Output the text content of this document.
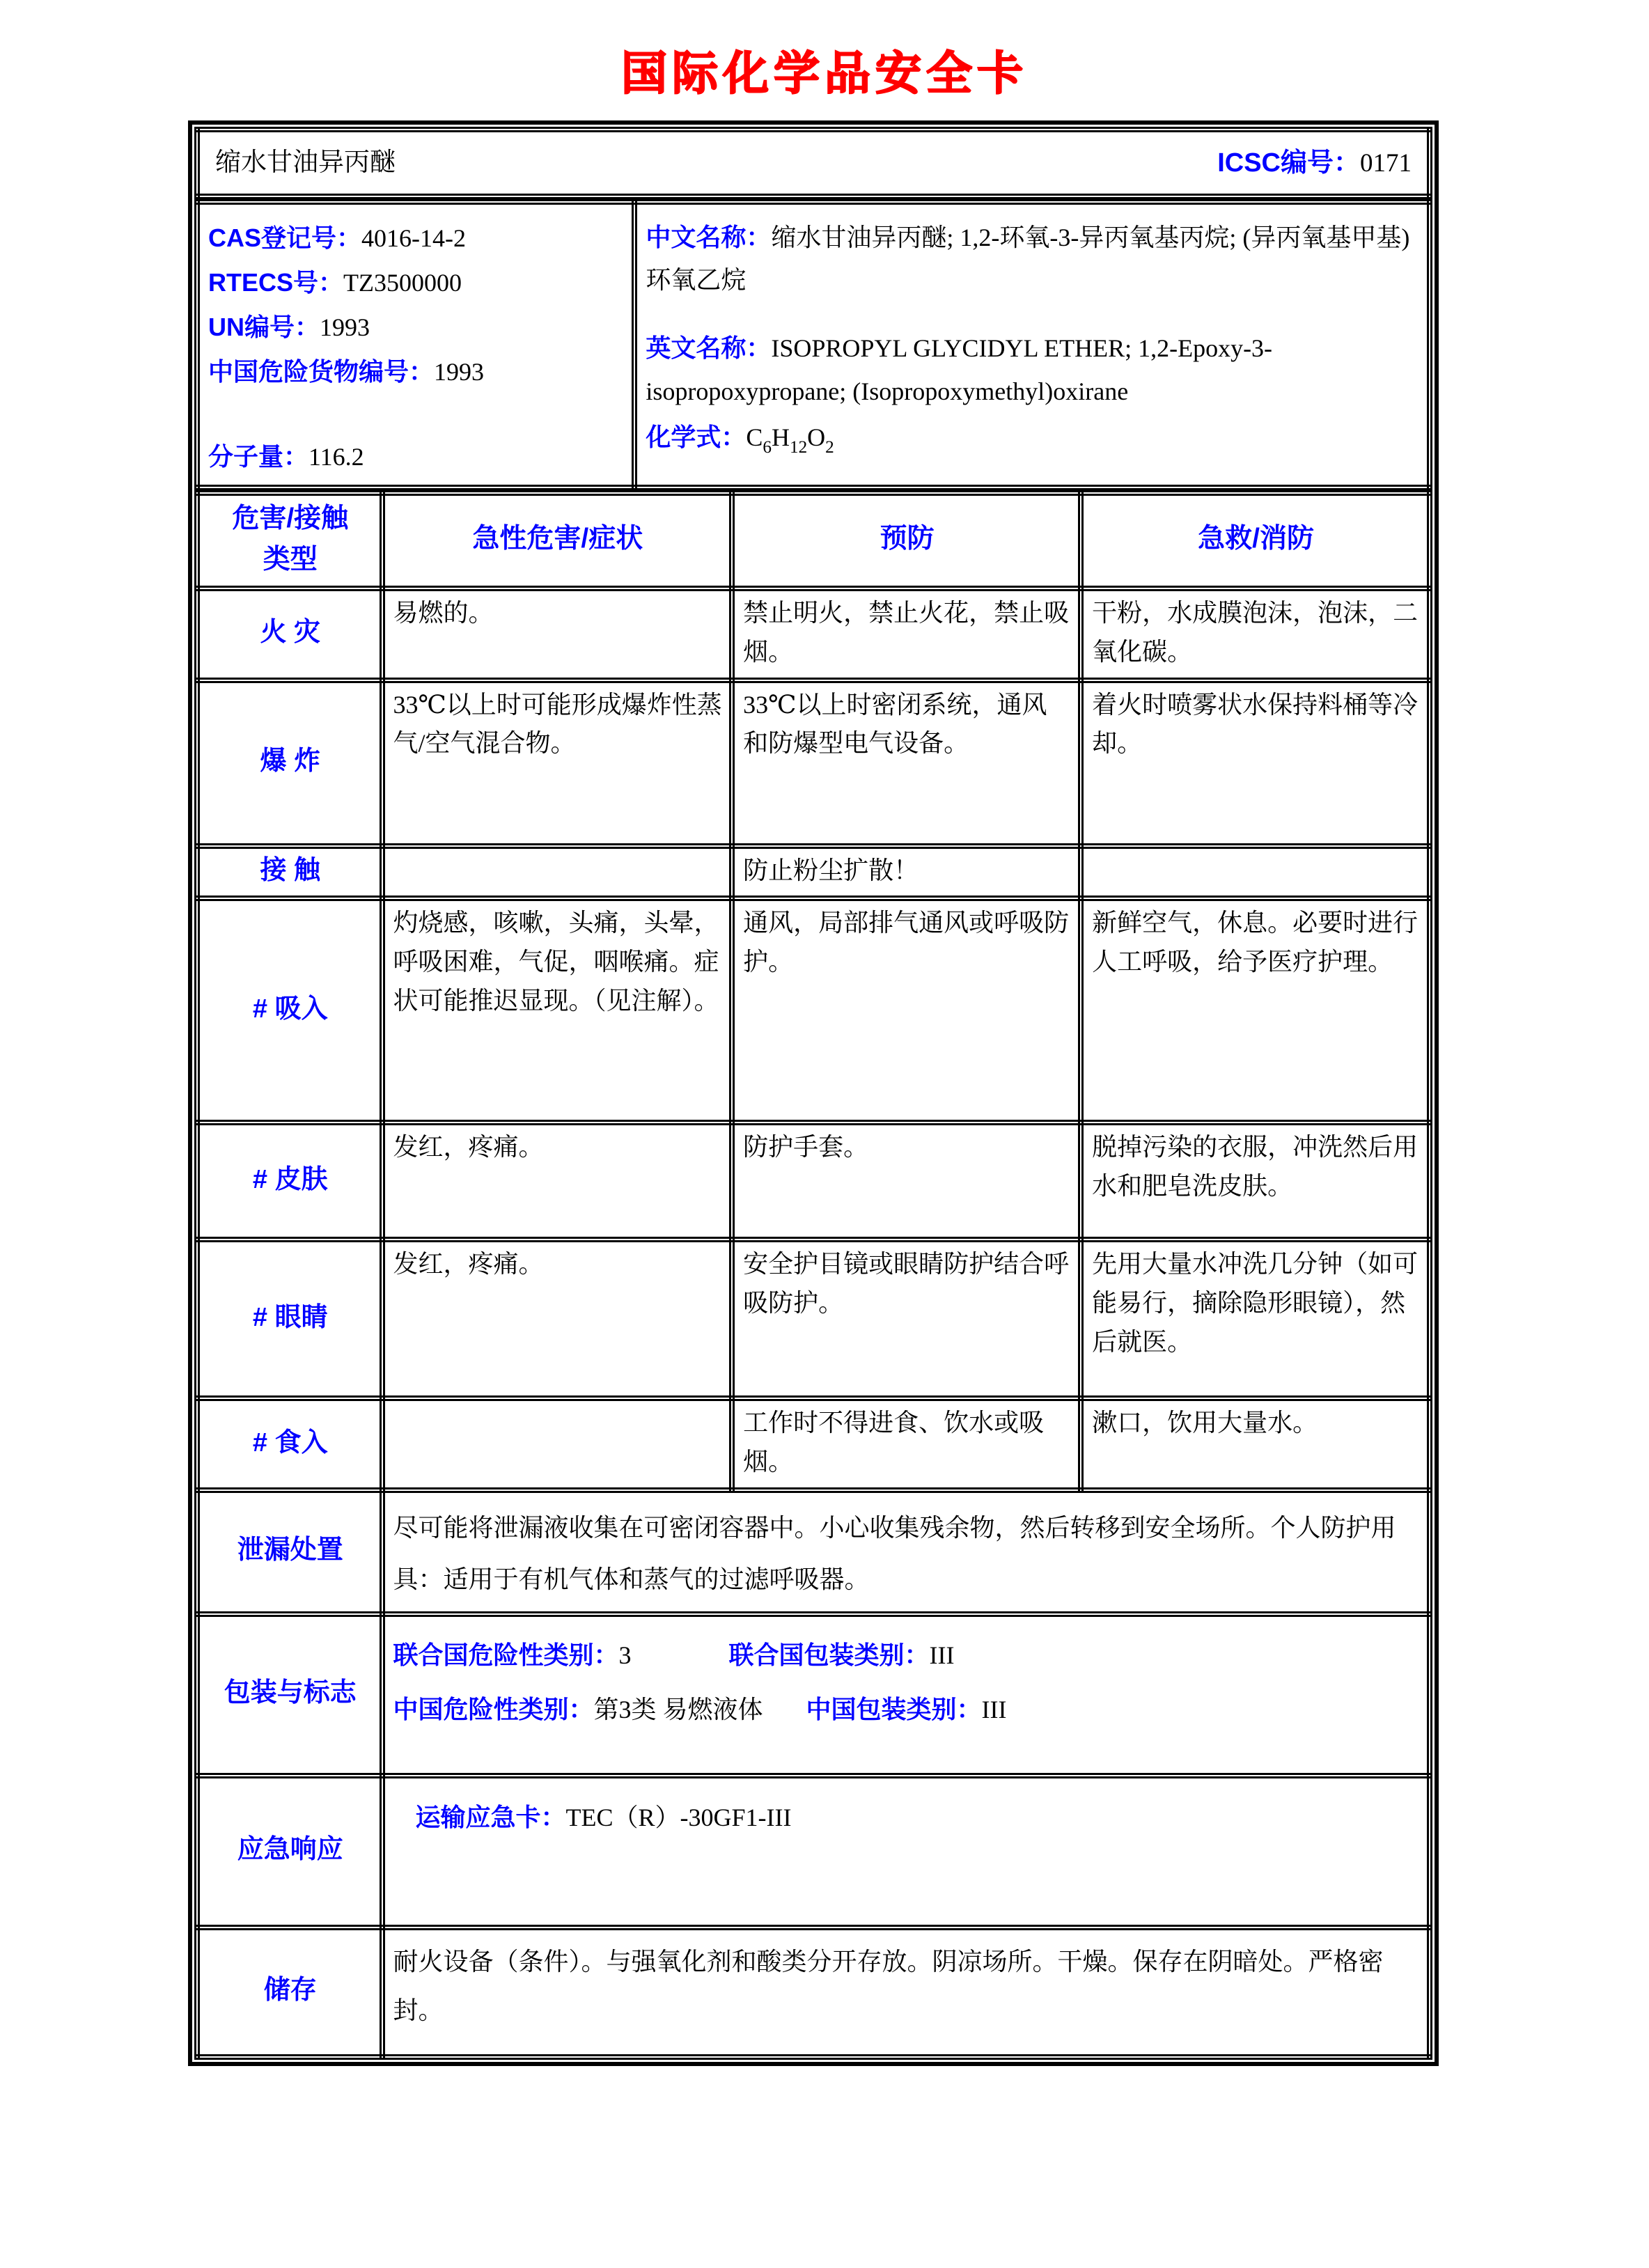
国际化学品安全卡
缩水甘油异丙醚	ICSC编号：0171
CAS登记号：4016-14-2
RTECS号：TZ3500000
UN编号：1993
中国危险货物编号：1993
分子量：116.2

中文名称：缩水甘油异丙醚; 1,2-环氧-3-异丙氧基丙烷; (异丙氧基甲基)环氧乙烷
英文名称：ISOPROPYL GLYCIDYL ETHER; 1,2-Epoxy-3-isopropoxypropane; (Isopropoxymethyl)oxirane
化学式：$C_6H_{12}O_2$
危害/接触类型	急性危害/症状	预防	急救/消防
火 灾	易燃的。	禁止明火，禁止火花，禁止吸烟。	干粉，水成膜泡沫，泡沫，二氧化碳。
爆 炸	33℃以上时可能形成爆炸性蒸气/空气混合物。	33℃以上时密闭系统，通风和防爆型电气设备。	着火时喷雾状水保持料桶等冷却。
接 触		防止粉尘扩散！	
# 吸入	灼烧感，咳嗽，头痛，头晕，呼吸困难，气促，咽喉痛。症状可能推迟显现。（见注解）。	通风，局部排气通风或呼吸防护。	新鲜空气，休息。必要时进行人工呼吸，给予医疗护理。
# 皮肤	发红，疼痛。	防护手套。	脱掉污染的衣服，冲洗然后用水和肥皂洗皮肤。
# 眼睛	发红，疼痛。	安全护目镜或眼睛防护结合呼吸防护。	先用大量水冲洗几分钟（如可能易行，摘除隐形眼镜），然后就医。
# 食入		工作时不得进食、饮水或吸烟。	漱口，饮用大量水。
泄漏处置	尽可能将泄漏液收集在可密闭容器中。小心收集残余物，然后转移到安全场所。个人防护用具：适用于有机气体和蒸气的过滤呼吸器。		
包装与标志	联合国危险性类别：3 联合国包装类别：III
中国危险性类别：第3类 易燃液体 中国包装类别：III		

应急响应	运输应急卡：TEC（R）-30GF1-III		
储存	耐火设备（条件）。与强氧化剂和酸类分开存放。阴凉场所。干燥。保存在阴暗处。严格密封。		
